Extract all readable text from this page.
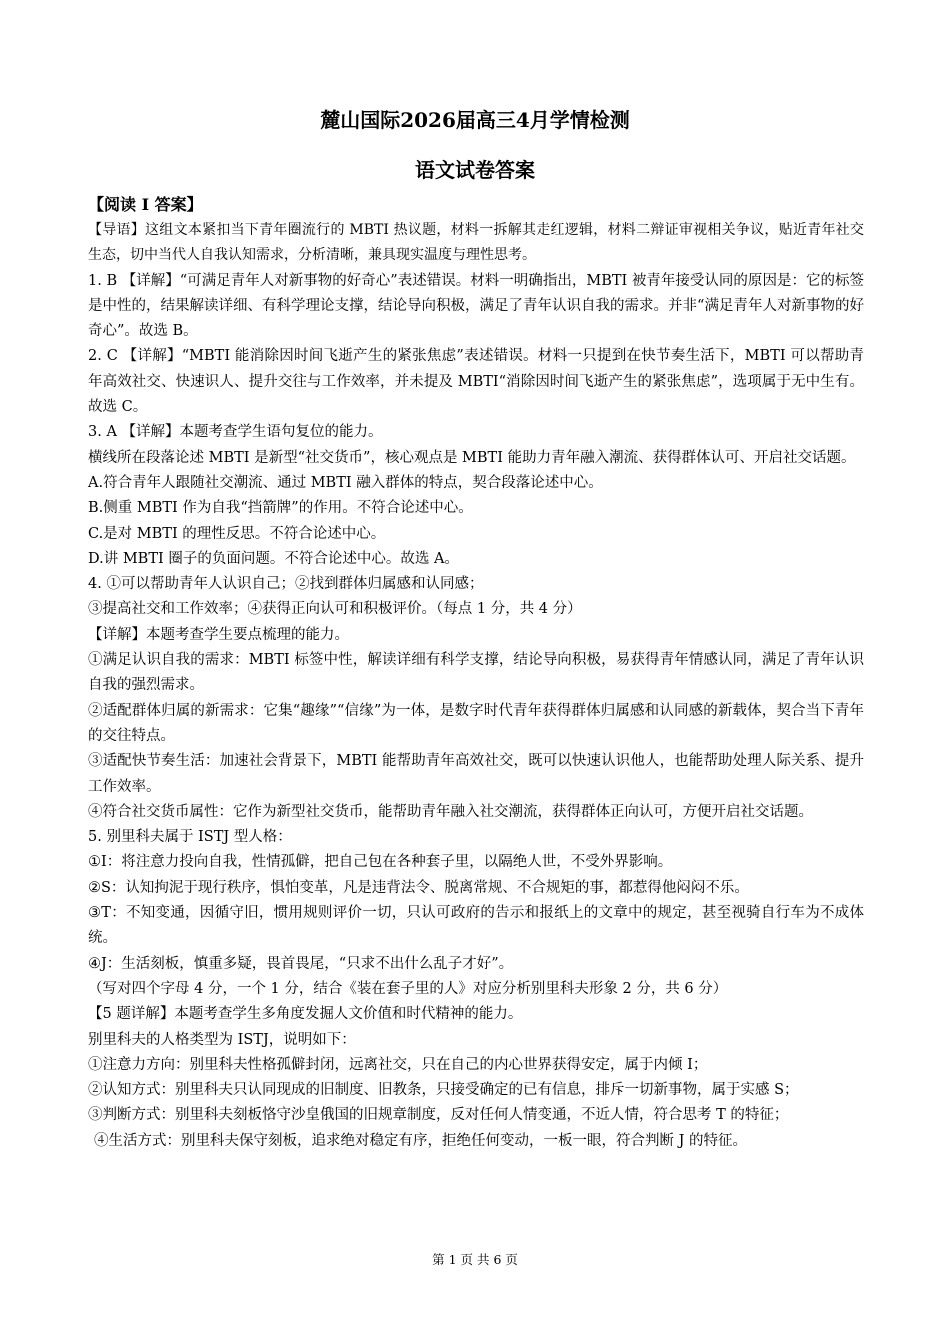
麓山国际2026届高三4月学情检测
语文试卷答案

【阅读 I 答案】

【导语】这组文本紧扣当下青年圈流行的 MBTI 热议题，材料一拆解其走红逻辑，材料二辩证审视相关争议，贴近青年社交生态，切中当代人自我认知需求，分析清晰，兼具现实温度与理性思考。

1. B 【详解】“可满足青年人对新事物的好奇心”表述错误。材料一明确指出，MBTI 被青年接受认同的原因是：它的标签是中性的，结果解读详细、有科学理论支撑，结论导向积极，满足了青年认识自我的需求。并非“满足青年人对新事物的好奇心”。故选 B。

2. C 【详解】“MBTI 能消除因时间飞逝产生的紧张焦虑”表述错误。材料一只提到在快节奏生活下，MBTI 可以帮助青年高效社交、快速识人、提升交往与工作效率，并未提及 MBTI“消除因时间飞逝产生的紧张焦虑”，选项属于无中生有。故选 C。

3. A 【详解】本题考查学生语句复位的能力。

横线所在段落论述 MBTI 是新型“社交货币”，核心观点是 MBTI 能助力青年融入潮流、获得群体认可、开启社交话题。

A.符合青年人跟随社交潮流、通过 MBTI 融入群体的特点，契合段落论述中心。

B.侧重 MBTI 作为自我“挡箭牌”的作用。不符合论述中心。

C.是对 MBTI 的理性反思。不符合论述中心。

D.讲 MBTI 圈子的负面问题。不符合论述中心。故选 A。

4. ①可以帮助青年人认识自己；②找到群体归属感和认同感；

③提高社交和工作效率；④获得正向认可和积极评价。（每点 1 分，共 4 分）

【详解】本题考查学生要点梳理的能力。

①满足认识自我的需求：MBTI 标签中性，解读详细有科学支撑，结论导向积极，易获得青年情感认同，满足了青年认识自我的强烈需求。

②适配群体归属的新需求：它集“趣缘”“信缘”为一体，是数字时代青年获得群体归属感和认同感的新载体，契合当下青年的交往特点。

③适配快节奏生活：加速社会背景下，MBTI 能帮助青年高效社交，既可以快速认识他人，也能帮助处理人际关系、提升工作效率。

④符合社交货币属性：它作为新型社交货币，能帮助青年融入社交潮流，获得群体正向认可，方便开启社交话题。

5. 别里科夫属于 ISTJ 型人格：

①I：将注意力投向自我，性情孤僻，把自己包在各种套子里，以隔绝人世，不受外界影响。

②S：认知拘泥于现行秩序，惧怕变革，凡是违背法令、脱离常规、不合规矩的事，都惹得他闷闷不乐。

③T：不知变通，因循守旧，惯用规则评价一切，只认可政府的告示和报纸上的文章中的规定，甚至视骑自行车为不成体统。

④J：生活刻板，慎重多疑，畏首畏尾，“只求不出什么乱子才好”。

（写对四个字母 4 分，一个 1 分，结合《装在套子里的人》对应分析别里科夫形象 2 分，共 6 分）

【5 题详解】本题考查学生多角度发掘人文价值和时代精神的能力。

别里科夫的人格类型为 ISTJ，说明如下：

①注意力方向：别里科夫性格孤僻封闭，远离社交，只在自己的内心世界获得安定，属于内倾 I；

②认知方式：别里科夫只认同现成的旧制度、旧教条，只接受确定的已有信息，排斥一切新事物，属于实感 S；

③判断方式：别里科夫刻板恪守沙皇俄国的旧规章制度，反对任何人情变通，不近人情，符合思考 T 的特征；

④生活方式：别里科夫保守刻板，追求绝对稳定有序，拒绝任何变动，一板一眼，符合判断 J 的特征。

第 1 页 共 6 页
